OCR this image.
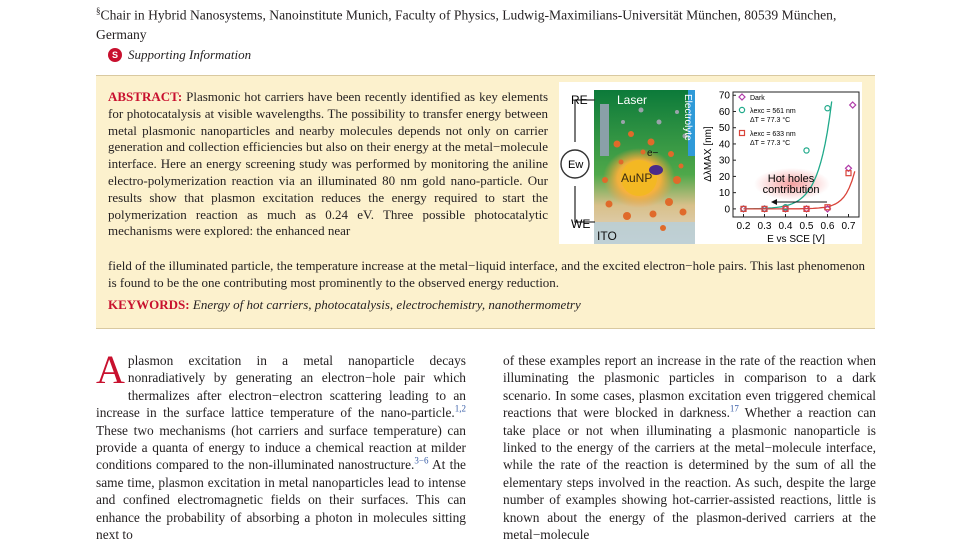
§Chair in Hybrid Nanosystems, Nanoinstitute Munich, Faculty of Physics, Ludwig-Maximilians-Universität München, 80539 München, Germany
S Supporting Information
ABSTRACT: Plasmonic hot carriers have been recently identified as key elements for photocatalysis at visible wavelengths. The possibility to transfer energy between metal plasmonic nanoparticles and nearby molecules depends not only on carrier generation and collection efficiencies but also on their energy at the metal−molecule interface. Here an energy screening study was performed by monitoring the aniline electro-polymerization reaction via an illuminated 80 nm gold nano-particle. Our results show that plasmon excitation reduces the energy required to start the polymerization reaction as much as 0.24 eV. Three possible photocatalytic mechanisms were explored: the enhanced near
field of the illuminated particle, the temperature increase at the metal−liquid interface, and the excited electron−hole pairs. This last phenomenon is found to be the one contributing most prominently to the observed energy reduction.
KEYWORDS: Energy of hot carriers, photocatalysis, electrochemistry, nanothermometry
RE Laser	Electrolyte
e−
Ew
AuNP
WE
ITO
0
10
20
30
40
50
60
70
0.2 0.3 0.4 0.5 0.6 0.7
Hot holes
contribution
Dark
λexc = 561 nm
ΔT = 77.3 °C
λexc = 633 nm
ΔT = 77.3 °C
ΔλMAX [nm]
E vs SCE [V]
Aplasmon excitation in a metal nanoparticle decays nonradiatively by generating an electron−hole pair which thermalizes after electron−electron scattering leading to an increase in the surface lattice temperature of the nano-particle.$^{1,2}$ These two mechanisms (hot carriers and surface temperature) can provide a quanta of energy to induce a chemical reaction at milder conditions compared to the non-illuminated nanostructure.$^{3-6}$ At the same time, plasmon excitation in metal nanoparticles lead to intense and confined electromagnetic fields on their surfaces. This can enhance the probability of absorbing a photon in molecules sitting next to
of these examples report an increase in the rate of the reaction when illuminating the plasmonic particles in comparison to a dark scenario. In some cases, plasmon excitation even triggered chemical reactions that were blocked in darkness.$^{17}$ Whether a reaction can take place or not when illuminating a plasmonic nanoparticle is linked to the energy of the carriers at the metal−molecule interface, while the rate of the reaction is determined by the sum of all the elementary steps involved in the reaction. As such, despite the large number of examples showing hot-carrier-assisted reactions, little is known about the energy of the plasmon-derived carriers at the metal−molecule
